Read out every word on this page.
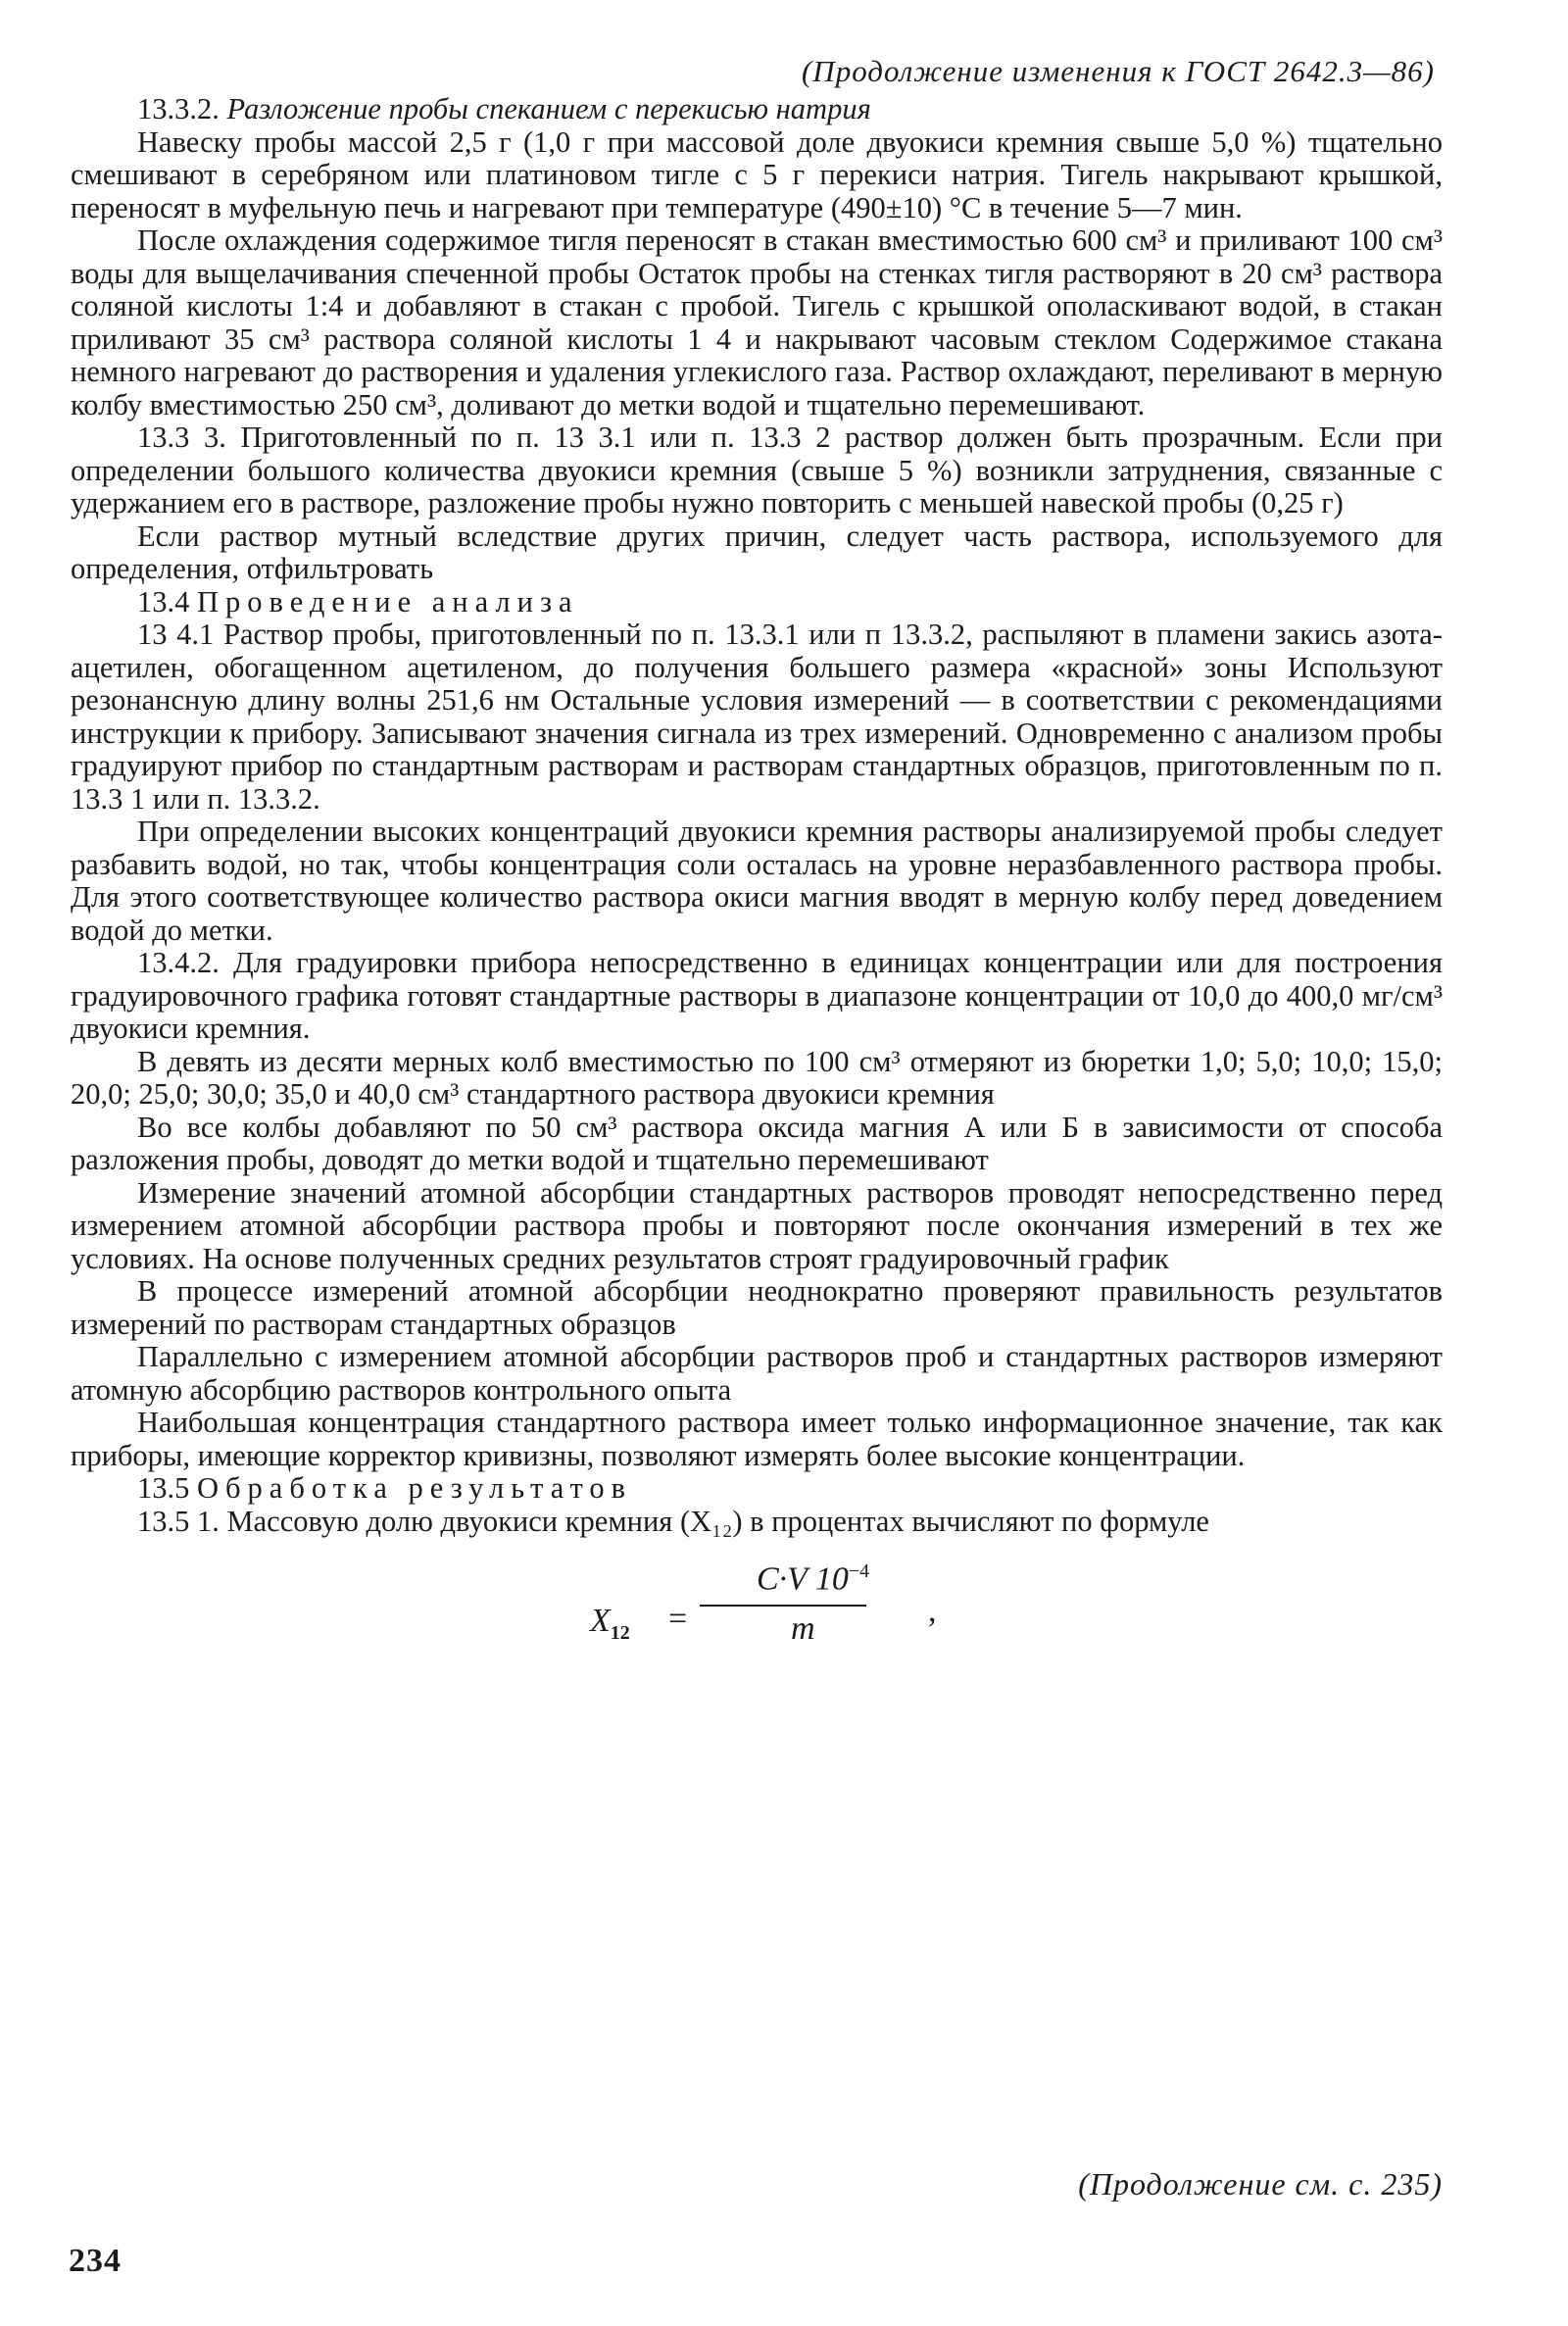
(Продолжение изменения к ГОСТ 2642.3—86)

13.3.2. Разложение пробы спеканием с перекисью натрия

Навеску пробы массой 2,5 г (1,0 г при массовой доле двуокиси кремния свыше 5,0 %) тщательно смешивают в серебряном или платиновом тигле с 5 г перекиси натрия. Тигель накрывают крышкой, переносят в муфельную печь и нагревают при температуре (490±10) °С в течение 5—7 мин.

После охлаждения содержимое тигля переносят в стакан вместимостью 600 см³ и приливают 100 см³ воды для выщелачивания спеченной пробы Остаток пробы на стенках тигля растворяют в 20 см³ раствора соляной кислоты 1:4 и добавляют в стакан с пробой. Тигель с крышкой ополаскивают водой, в стакан приливают 35 см³ раствора соляной кислоты 1 4 и накрывают часовым стеклом Содержимое стакана немного нагревают до растворения и удаления углекислого газа. Раствор охлаждают, переливают в мерную колбу вместимостью 250 см³, доливают до метки водой и тщательно перемешивают.

13.3 3. Приготовленный по п. 13 3.1 или п. 13.3 2 раствор должен быть прозрачным. Если при определении большого количества двуокиси кремния (свыше 5 %) возникли затруднения, связанные с удержанием его в растворе, разложение пробы нужно повторить с меньшей навеской пробы (0,25 г)

Если раствор мутный вследствие других причин, следует часть раствора, используемого для определения, отфильтровать

13.4 Проведение анализа

13 4.1 Раствор пробы, приготовленный по п. 13.3.1 или п 13.3.2, распыляют в пламени закись азота-ацетилен, обогащенном ацетиленом, до получения большего размера «красной» зоны Используют резонансную длину волны 251,6 нм Остальные условия измерений — в соответствии с рекомендациями инструкции к прибору. Записывают значения сигнала из трех измерений. Одновременно с анализом пробы градуируют прибор по стандартным растворам и растворам стандартных образцов, приготовленным по п. 13.3 1 или п. 13.3.2.

При определении высоких концентраций двуокиси кремния растворы анализируемой пробы следует разбавить водой, но так, чтобы концентрация соли осталась на уровне неразбавленного раствора пробы. Для этого соответствующее количество раствора окиси магния вводят в мерную колбу перед доведением водой до метки.

13.4.2. Для градуировки прибора непосредственно в единицах концентрации или для построения градуировочного графика готовят стандартные растворы в диапазоне концентрации от 10,0 до 400,0 мг/см³ двуокиси кремния.

В девять из десяти мерных колб вместимостью по 100 см³ отмеряют из бюретки 1,0; 5,0; 10,0; 15,0; 20,0; 25,0; 30,0; 35,0 и 40,0 см³ стандартного раствора двуокиси кремния

Во все колбы добавляют по 50 см³ раствора оксида магния А или Б в зависимости от способа разложения пробы, доводят до метки водой и тщательно перемешивают

Измерение значений атомной абсорбции стандартных растворов проводят непосредственно перед измерением атомной абсорбции раствора пробы и повторяют после окончания измерений в тех же условиях. На основе полученных средних результатов строят градуировочный график

В процессе измерений атомной абсорбции неоднократно проверяют правильность результатов измерений по растворам стандартных образцов

Параллельно с измерением атомной абсорбции растворов проб и стандартных растворов измеряют атомную абсорбцию растворов контрольного опыта

Наибольшая концентрация стандартного раствора имеет только информационное значение, так как приборы, имеющие корректор кривизны, позволяют измерять более высокие концентрации.

13.5 Обработка результатов

13.5 1. Массовую долю двуокиси кремния (X₁₂) в процентах вычисляют по формуле

$X_{12}$ =
C·V $10^{-4}$
m	,
(Продолжение см. с. 235)
234
